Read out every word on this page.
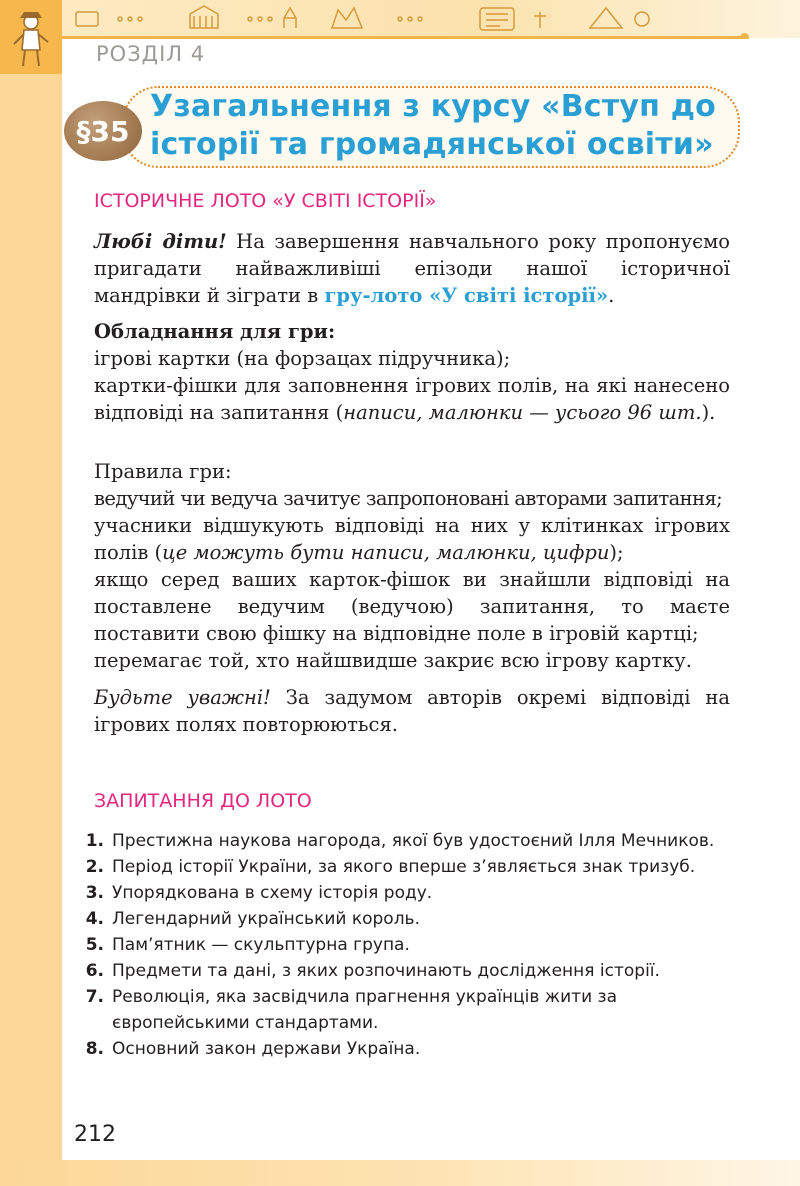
РОЗДІЛ 4
§35
Узагальнення з курсу «Вступ до
історії та громадянської освіти»
ІСТОРИЧНЕ ЛОТО «У СВІТІ ІСТОРІЇ»

Любі діти! На завершення навчального року пропонуємо пригадати найважливіші епізоди нашої історичної мандрівки й зіграти в гру-лото «У світі історії».

Обладнання для гри:

ігрові картки (на форзацах підручника);

картки-фішки для заповнення ігрових полів, на які нанесено відповіді на запитання (написи, малюнки — усього 96 шт.).

Правила гри:

ведучий чи ведуча зачитує запропоновані авторами запитання;

учасники відшукують відповіді на них у клітинках ігрових полів (це можуть бути написи, малюнки, цифри);

якщо серед ваших карток-фішок ви знайшли відповіді на поставлене ведучим (ведучою) запитання, то маєте поставити свою фішку на відповідне поле в ігровій картці;

перемагає той, хто найшвидше закриє всю ігрову картку.

Будьте уважні! За задумом авторів окремі відповіді на ігрових полях повторюються.

ЗАПИТАННЯ ДО ЛОТО
1. Престижна наукова нагорода, якої був удостоєний Ілля Мечников.
2. Період історії України, за якого вперше з’являється знак тризуб.
3. Упорядкована в схему історія роду.
4. Легендарний український король.
5. Пам’ятник — скульптурна група.
6. Предмети та дані, з яких розпочинають дослідження історії.
7. Революція, яка засвідчила прагнення українців жити за європейськими стандартами.
8. Основний закон держави Україна.
212
